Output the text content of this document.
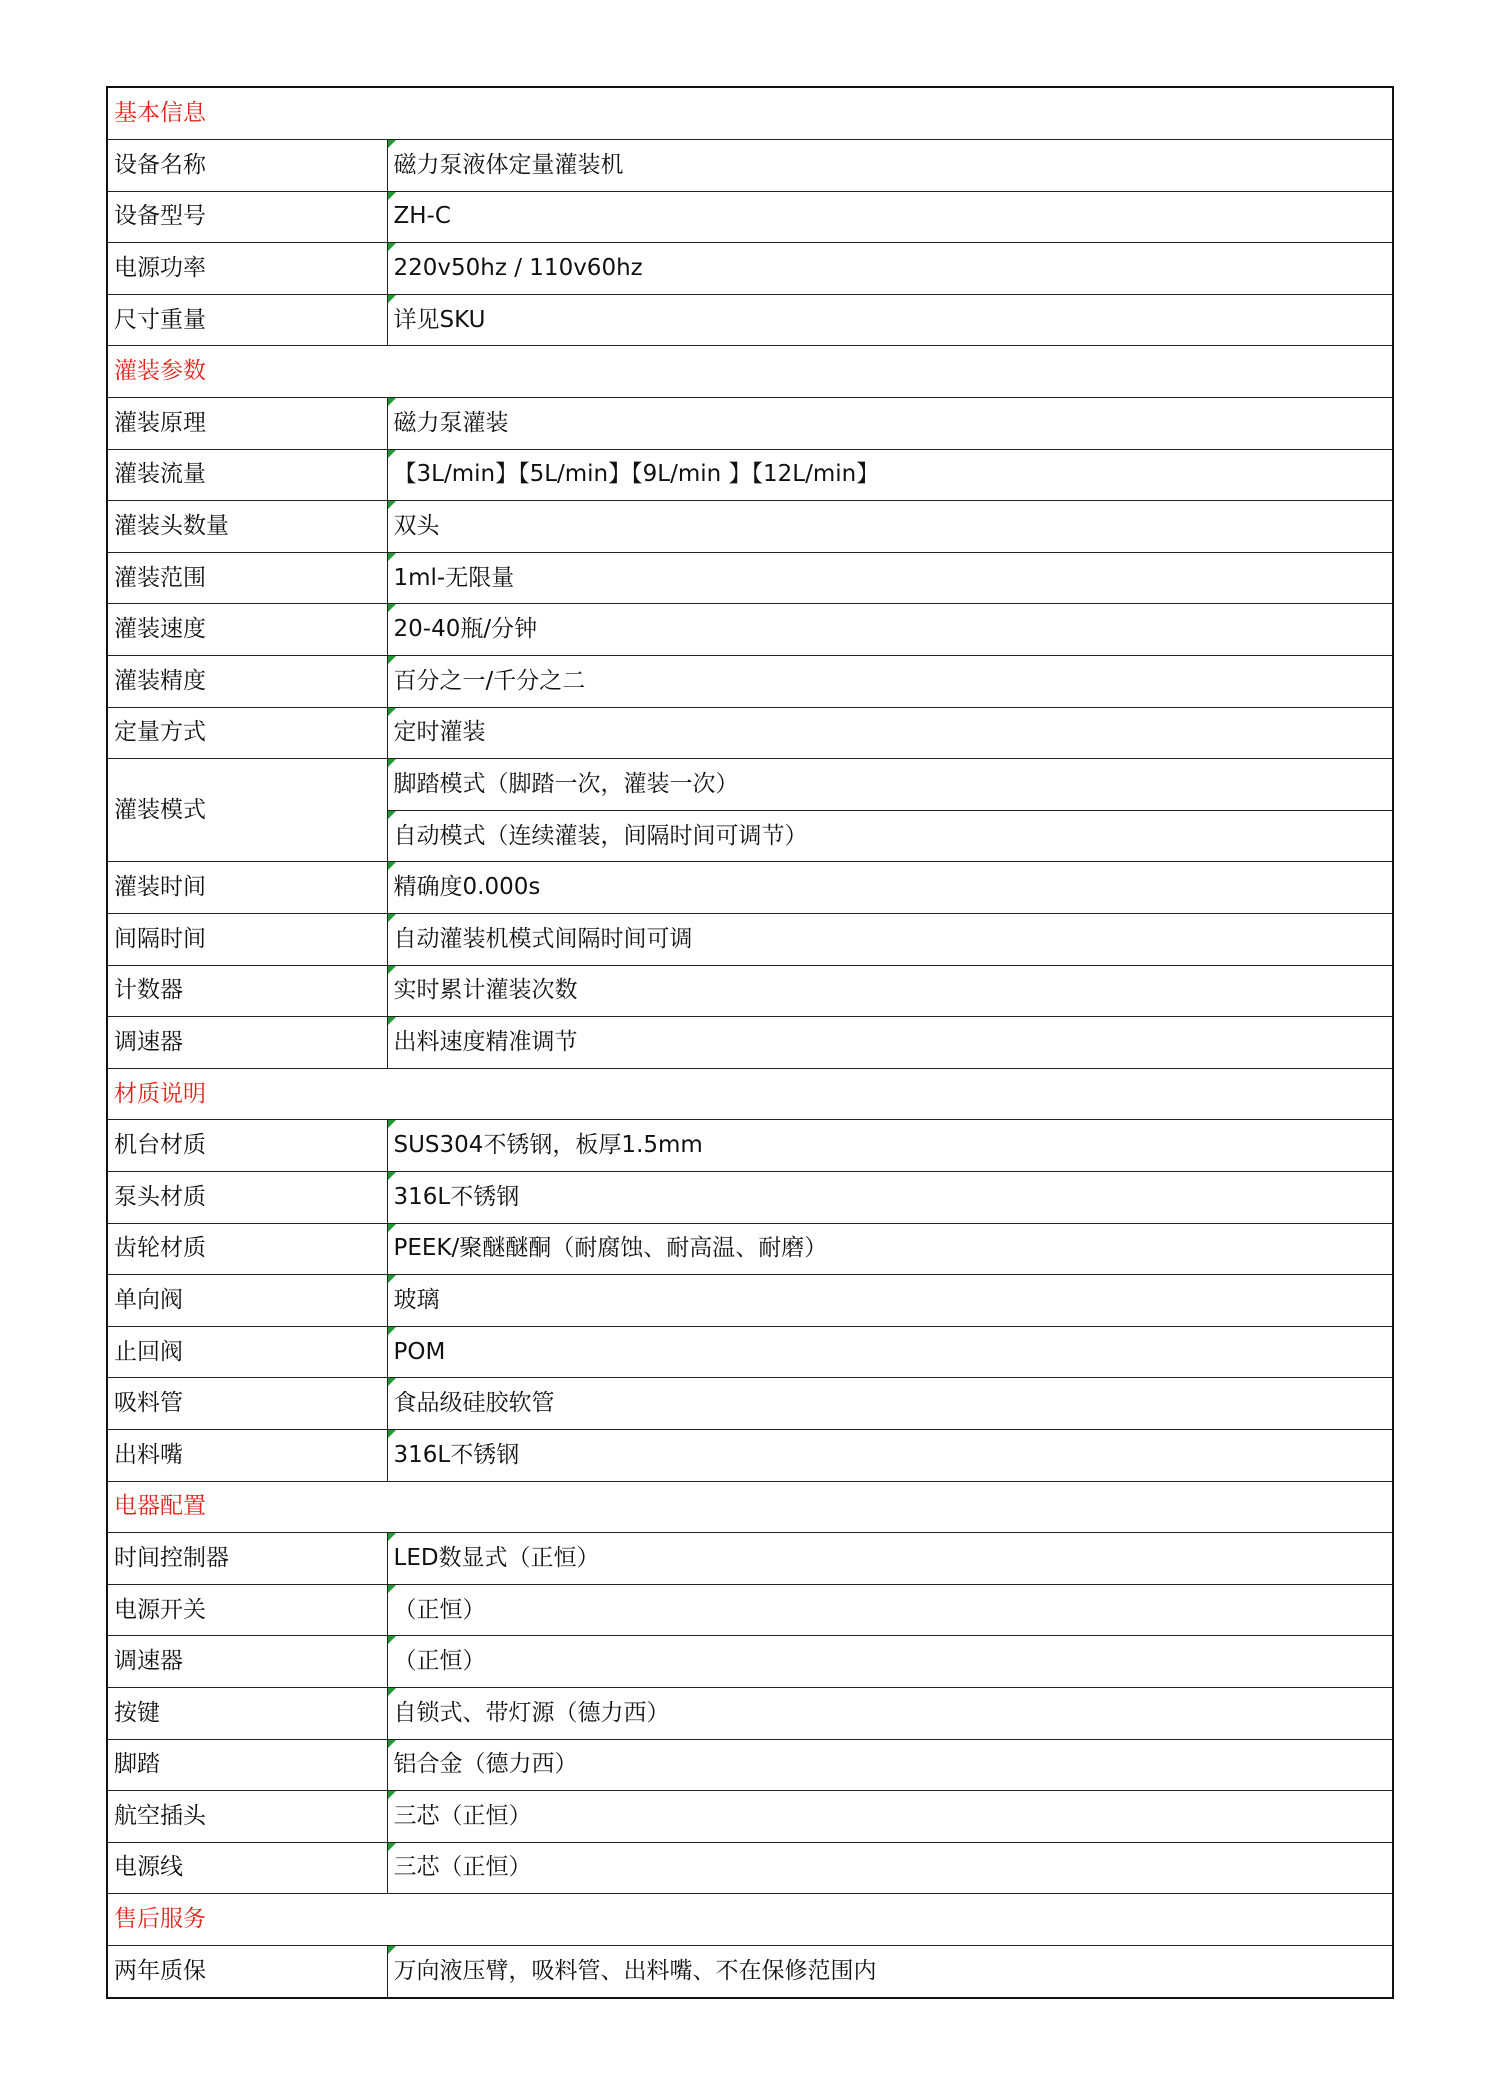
基本信息	
设备名称	磁力泵液体定量灌装机
设备型号	ZH-C
电源功率	220v50hz / 110v60hz
尺寸重量	详见SKU
灌装参数	
灌装原理	磁力泵灌装
灌装流量	【3L/min】【5L/min】【9L/min 】【12L/min】
灌装头数量	双头
灌装范围	1ml-无限量
灌装速度	20-40瓶/分钟
灌装精度	百分之一/千分之二
定量方式	定时灌装
灌装模式	脚踏模式（脚踏一次，灌装一次）
	自动模式（连续灌装，间隔时间可调节）
灌装时间	精确度0.000s
间隔时间	自动灌装机模式间隔时间可调
计数器	实时累计灌装次数
调速器	出料速度精准调节
材质说明	
机台材质	SUS304不锈钢，板厚1.5mm
泵头材质	316L不锈钢
齿轮材质	PEEK/聚醚醚酮（耐腐蚀、耐高温、耐磨）
单向阀	玻璃
止回阀	POM
吸料管	食品级硅胶软管
出料嘴	316L不锈钢
电器配置	
时间控制器	LED数显式（正恒）
电源开关	（正恒）
调速器	（正恒）
按键	自锁式、带灯源（德力西）
脚踏	铝合金（德力西）
航空插头	三芯（正恒）
电源线	三芯（正恒）
售后服务	
两年质保	万向液压臂，吸料管、出料嘴、不在保修范围内
